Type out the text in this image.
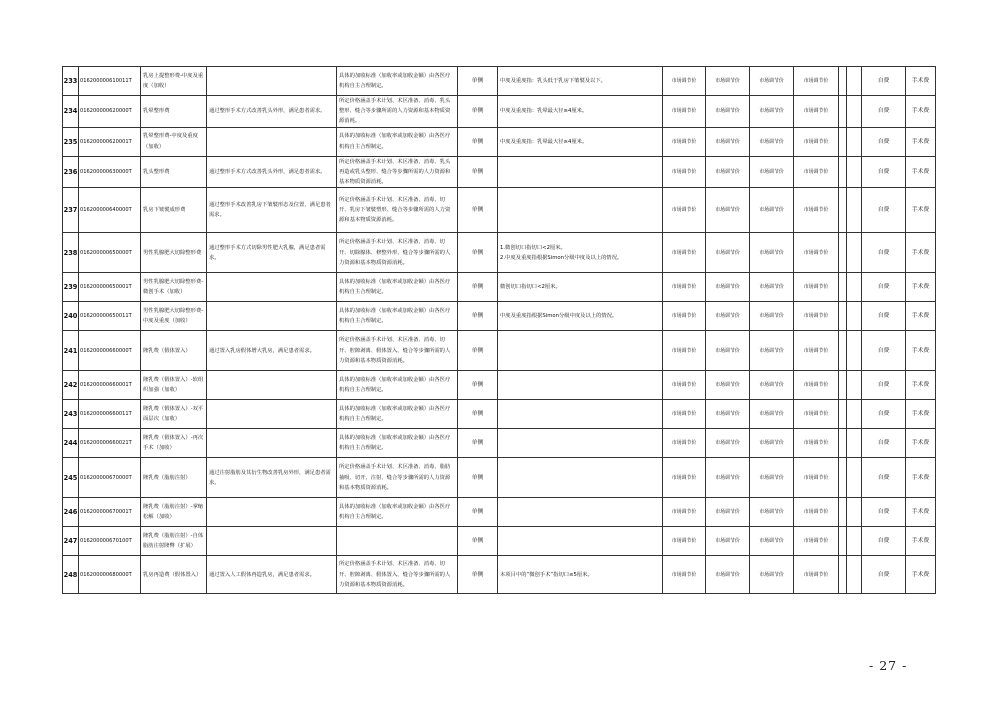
233	016200000610011T	乳房上提整形费-中度及重度（加收）		具体的加收标准（加收率或加收金额）由各医疗机构自主合理制定。	单侧	中度及重度指：乳头低于乳房下皱襞及以下。	市场调节价	市场调节价	市场调节价	市场调节价			自费	手术费
234	016200000620000T	乳晕整形费	通过整形手术方式改善乳头外形，满足患者需求。	所定价格涵盖手术计划、术区准备、消毒、乳头整形、缝合等步骤所需的人力资源和基本物质资源消耗。	单侧	中度及重度指：乳晕最大径≥4厘米。	市场调节价	市场调节价	市场调节价	市场调节价			自费	手术费
235	016200000620001T	乳晕整形费-中度及重度（加收）		具体的加收标准（加收率或加收金额）由各医疗机构自主合理制定。	单侧	中度及重度指：乳晕最大径≥4厘米。	市场调节价	市场调节价	市场调节价	市场调节价			自费	手术费
236	016200000630000T	乳头整形费	通过整形手术方式改善乳头外形，满足患者需求。	所定价格涵盖手术计划、术区准备、消毒、乳头再造或乳头整形、缝合等步骤所需的人力资源和基本物质资源消耗。	单侧		市场调节价	市场调节价	市场调节价	市场调节价			自费	手术费
237	016200000640000T	乳房下皱襞成形费	通过整形手术改善乳房下皱襞形态及位置，满足患者需求。	所定价格涵盖手术计划、术区准备、消毒、切开、乳房下皱襞塑形、缝合等步骤所需的人力资源和基本物质资源消耗。	单侧		市场调节价	市场调节价	市场调节价	市场调节价			自费	手术费
238	016200000650000T	男性乳腺肥大切除整形费	通过整形手术方式切除男性肥大乳腺，满足患者需求。	所定价格涵盖手术计划、术区准备、消毒、切开、切除腺体、修整外形、缝合等步骤所需的人力资源和基本物质资源消耗。	单侧	1.微创切口指切口<2厘米。
2.中度及重度指根据Simon分级中度及以上的情况。	市场调节价	市场调节价	市场调节价	市场调节价			自费	手术费
239	016200000650001T	男性乳腺肥大切除整形费-微创手术（加收）		具体的加收标准（加收率或加收金额）由各医疗机构自主合理制定。	单侧	微创切口指切口<2厘米。	市场调节价	市场调节价	市场调节价	市场调节价			自费	手术费
240	016200000650011T	男性乳腺肥大切除整形费-中度及重度（加收）		具体的加收标准（加收率或加收金额）由各医疗机构自主合理制定。	单侧	中度及重度指根据Simon分级中度及以上的情况。	市场调节价	市场调节价	市场调节价	市场调节价			自费	手术费
241	016200000660000T	隆乳费（假体置入）	通过置入乳房假体增大乳房，满足患者需求。	所定价格涵盖手术计划、术区准备、消毒、切开、腔隙剥离、假体置入、缝合等步骤所需的人力资源和基本物质资源消耗。	单侧		市场调节价	市场调节价	市场调节价	市场调节价			自费	手术费
242	016200000660001T	隆乳费（假体置入）-软组织加强（加收）		具体的加收标准（加收率或加收金额）由各医疗机构自主合理制定。	单侧		市场调节价	市场调节价	市场调节价	市场调节价			自费	手术费
243	016200000660011T	隆乳费（假体置入）-双平面层次（加收）		具体的加收标准（加收率或加收金额）由各医疗机构自主合理制定。	单侧		市场调节价	市场调节价	市场调节价	市场调节价			自费	手术费
244	016200000660021T	隆乳费（假体置入）-再次手术（加收）		具体的加收标准（加收率或加收金额）由各医疗机构自主合理制定。	单侧		市场调节价	市场调节价	市场调节价	市场调节价			自费	手术费
245	016200000670000T	隆乳费（脂肪注射）	通过注射脂肪及其衍生物改善乳房外形，满足患者需求。	所定价格涵盖手术计划、术区准备、消毒、脂肪抽吸、切开、注射、缝合等步骤所需的人力资源和基本物质资源消耗。	单侧		市场调节价	市场调节价	市场调节价	市场调节价			自费	手术费
246	016200000670001T	隆乳费（脂肪注射）-掌缩松解（加收）		具体的加收标准（加收率或加收金额）由各医疗机构自主合理制定。	单侧		市场调节价	市场调节价	市场调节价	市场调节价			自费	手术费
247	016200000670100T	隆乳费（脂肪注射）-自体脂肪注射隆臀（扩展）			单侧		市场调节价	市场调节价	市场调节价	市场调节价			自费	手术费
248	016200000680000T	乳房再造费（假体置入）	通过置入人工假体再造乳房，满足患者需求。	所定价格涵盖手术计划、术区准备、消毒、切开、腔隙剥离、假体置入、缝合等步骤所需的人力资源和基本物质资源消耗。	单侧	本项目中的“微创手术”指切口≤5厘米。	市场调节价	市场调节价	市场调节价	市场调节价			自费	手术费
- 27 -
